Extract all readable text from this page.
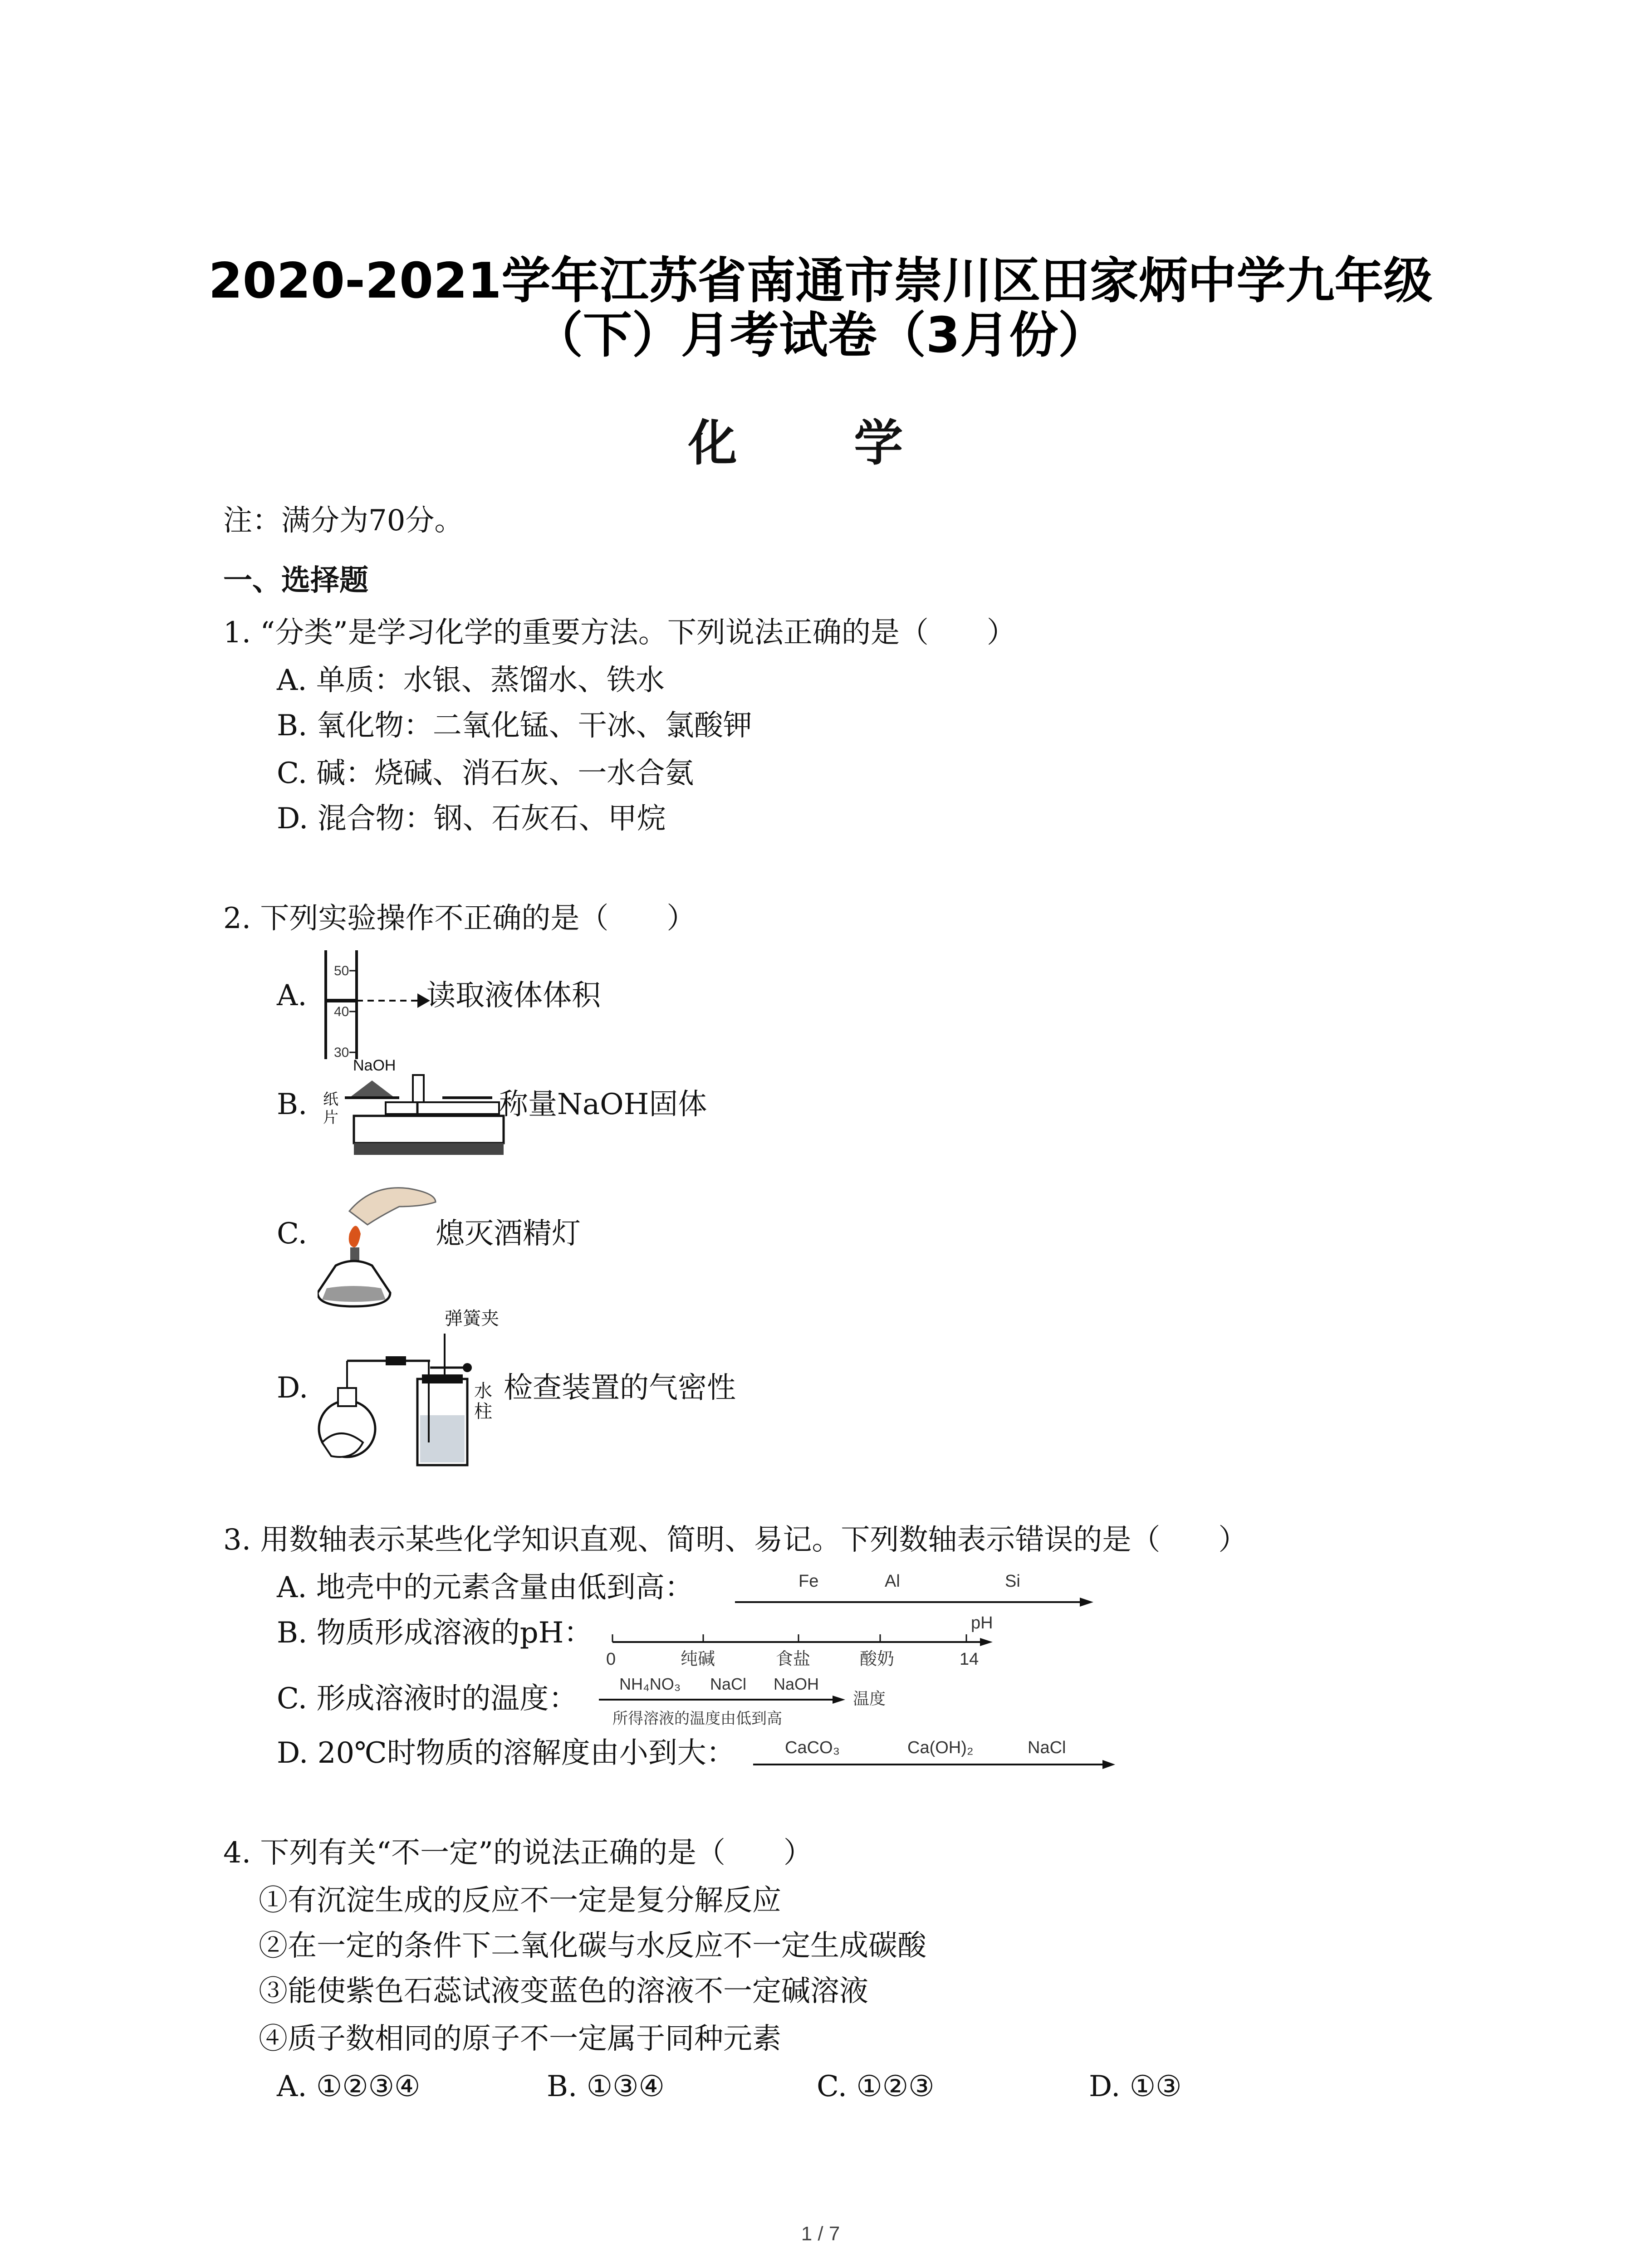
2020-2021学年江苏省南通市崇川区田家炳中学九年级
（下）月考试卷（3月份）
化 学
注：满分为70分。
一、选择题
1. “分类”是学习化学的重要方法。下列说法正确的是（　　）
A. 单质：水银、蒸馏水、铁水
B. 氧化物：二氧化锰、干冰、氯酸钾
C. 碱：烧碱、消石灰、一水合氨
D. 混合物：钢、石灰石、甲烷
2. 下列实验操作不正确的是（　　）
A.
50
40
30
读取液体体积
B.
NaOH
纸
片	称量NaOH固体
C.	熄灭酒精灯
D.
弹簧夹
水
柱
检查装置的气密性
3. 用数轴表示某些化学知识直观、简明、易记。下列数轴表示错误的是（　　）
A. 地壳中的元素含量由低到高：	Fe	Al	Si
B. 物质形成溶液的pH：	pH
0	纯碱	食盐	酸奶	14
C. 形成溶液时的温度：	NH₄NO₃ NaCl NaOH
温度
所得溶液的温度由低到高
D. 20℃时物质的溶解度由小到大：	CaCO₃	Ca(OH)₂	NaCl
4. 下列有关“不一定”的说法正确的是（　　）
①有沉淀生成的反应不一定是复分解反应
②在一定的条件下二氧化碳与水反应不一定生成碳酸
③能使紫色石蕊试液变蓝色的溶液不一定碱溶液
④质子数相同的原子不一定属于同种元素
A. ①②③④	B. ①③④	C. ①②③	D. ①③
1 / 7
